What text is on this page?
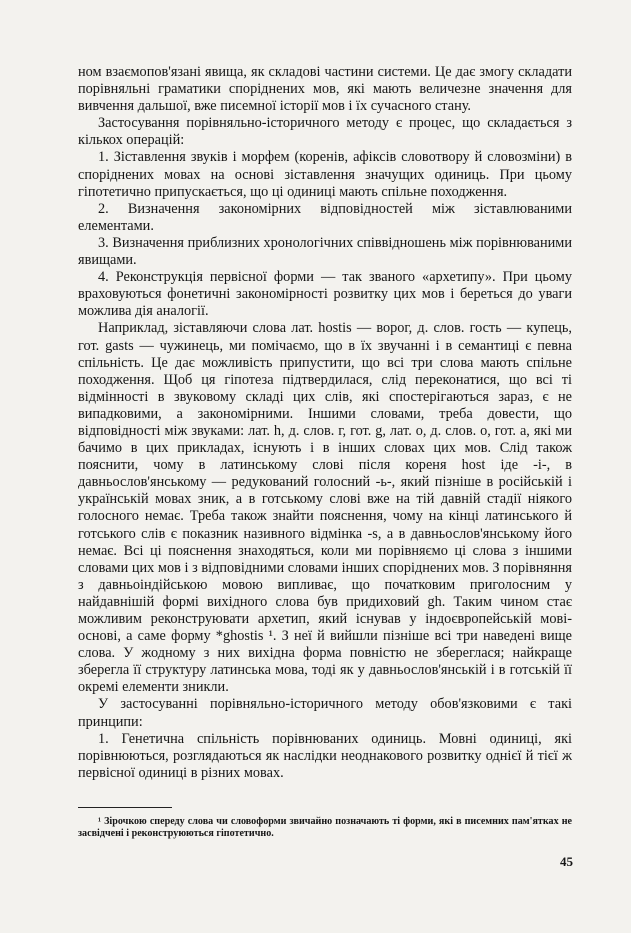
ном взаємопов'язані явища, як складові частини системи. Це дає змогу складати порівняльні граматики споріднених мов, які мають величезне значення для вивчення дальшої, вже писемної історії мов і їх сучасного стану.

Застосування порівняльно-історичного методу є процес, що складається з кількох операцій:

1. Зіставлення звуків і морфем (коренів, афіксів словотвору й словозміни) в споріднених мовах на основі зіставлення значущих одиниць. При цьому гіпотетично припускається, що ці одиниці мають спільне походження.

2. Визначення закономірних відповідностей між зіставлюваними елементами.

3. Визначення приблизних хронологічних співвідношень між порівнюваними явищами.

4. Реконструкція первісної форми — так званого «архетипу». При цьому враховуються фонетичні закономірності розвитку цих мов і береться до уваги можлива дія аналогії.

Наприклад, зіставляючи слова лат. hostis — ворог, д. слов. гость — купець, гот. gasts — чужинець, ми помічаємо, що в їх звучанні і в семантиці є певна спільність. Це дає можливість припустити, що всі три слова мають спільне походження. Щоб ця гіпотеза підтвердилася, слід переконатися, що всі ті відмінності в звуковому складі цих слів, які спостерігаються зараз, є не випадковими, а закономірними. Іншими словами, треба довести, що відповідності між звуками: лат. h, д. слов. г, гот. g, лат. о, д. слов. о, гот. а, які ми бачимо в цих прикладах, існують і в інших словах цих мов. Слід також пояснити, чому в латинському слові після кореня host іде -i-, в давньослов'янському — редукований голосний -ь-, який пізніше в російській і українській мовах зник, а в готському слові вже на тій давній стадії ніякого голосного немає. Треба також знайти пояснення, чому на кінці латинського й готського слів є показник називного відмінка -s, а в давньослов'янському його немає. Всі ці пояснення знаходяться, коли ми порівняємо ці слова з іншими словами цих мов і з відповідними словами інших споріднених мов. З порівняння з давньоіндійською мовою випливає, що початковим приголосним у найдавнішій формі вихідного слова був придиховий gh. Таким чином стає можливим реконструювати архетип, який існував у індоєвропейській мові-основі, а саме форму *ghostis ¹. З неї й вийшли пізніше всі три наведені вище слова. У жодному з них вихідна форма повністю не збереглася; найкраще зберегла її структуру латинська мова, тоді як у давньослов'янській і в готській її окремі елементи зникли.

У застосуванні порівняльно-історичного методу обов'язковими є такі принципи:

1. Генетична спільність порівнюваних одиниць. Мовні одиниці, які порівнюються, розглядаються як наслідки неоднакового розвитку однієї й тієї ж первісної одиниці в різних мовах.

¹ Зірочкою спереду слова чи словоформи звичайно позначають ті форми, які в писемних пам'ятках не засвідчені і реконструюються гіпотетично.

45
